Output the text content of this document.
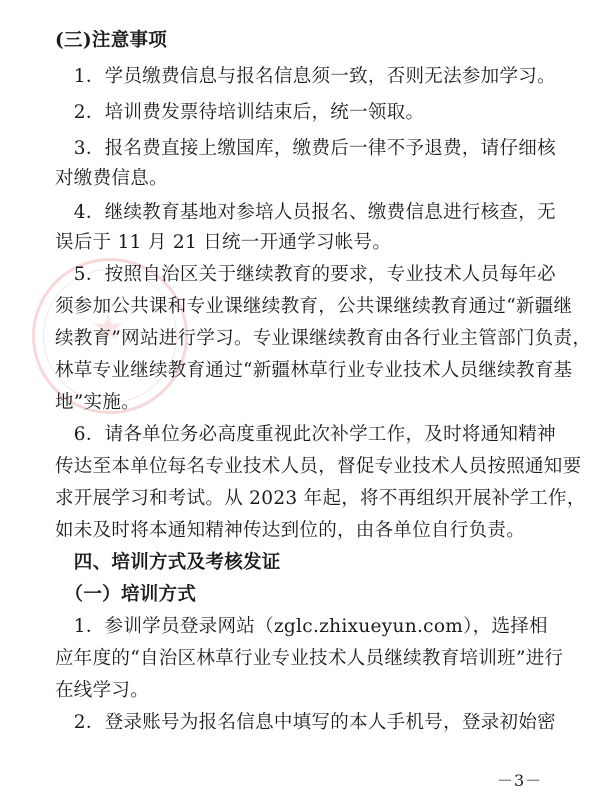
(三)注意事项
　1．学员缴费信息与报名信息须一致，否则无法参加学习。
　2．培训费发票待培训结束后，统一领取。
　3．报名费直接上缴国库，缴费后一律不予退费，请仔细核
对缴费信息。
　4．继续教育基地对参培人员报名、缴费信息进行核查，无
误后于 11 月 21 日统一开通学习帐号。
　5．按照自治区关于继续教育的要求，专业技术人员每年必
须参加公共课和专业课继续教育，公共课继续教育通过“新疆继
续教育”网站进行学习。专业课继续教育由各行业主管部门负责，
林草专业继续教育通过“新疆林草行业专业技术人员继续教育基
地”实施。
　6．请各单位务必高度重视此次补学工作，及时将通知精神
传达至本单位每名专业技术人员，督促专业技术人员按照通知要
求开展学习和考试。从 2023 年起，将不再组织开展补学工作，
如未及时将本通知精神传达到位的，由各单位自行负责。
　四、培训方式及考核发证
　（一）培训方式
　1．参训学员登录网站（zglc.zhixueyun.com），选择相
应年度的“自治区林草行业专业技术人员继续教育培训班”进行
在线学习。
　2．登录账号为报名信息中填写的本人手机号，登录初始密
－3－
